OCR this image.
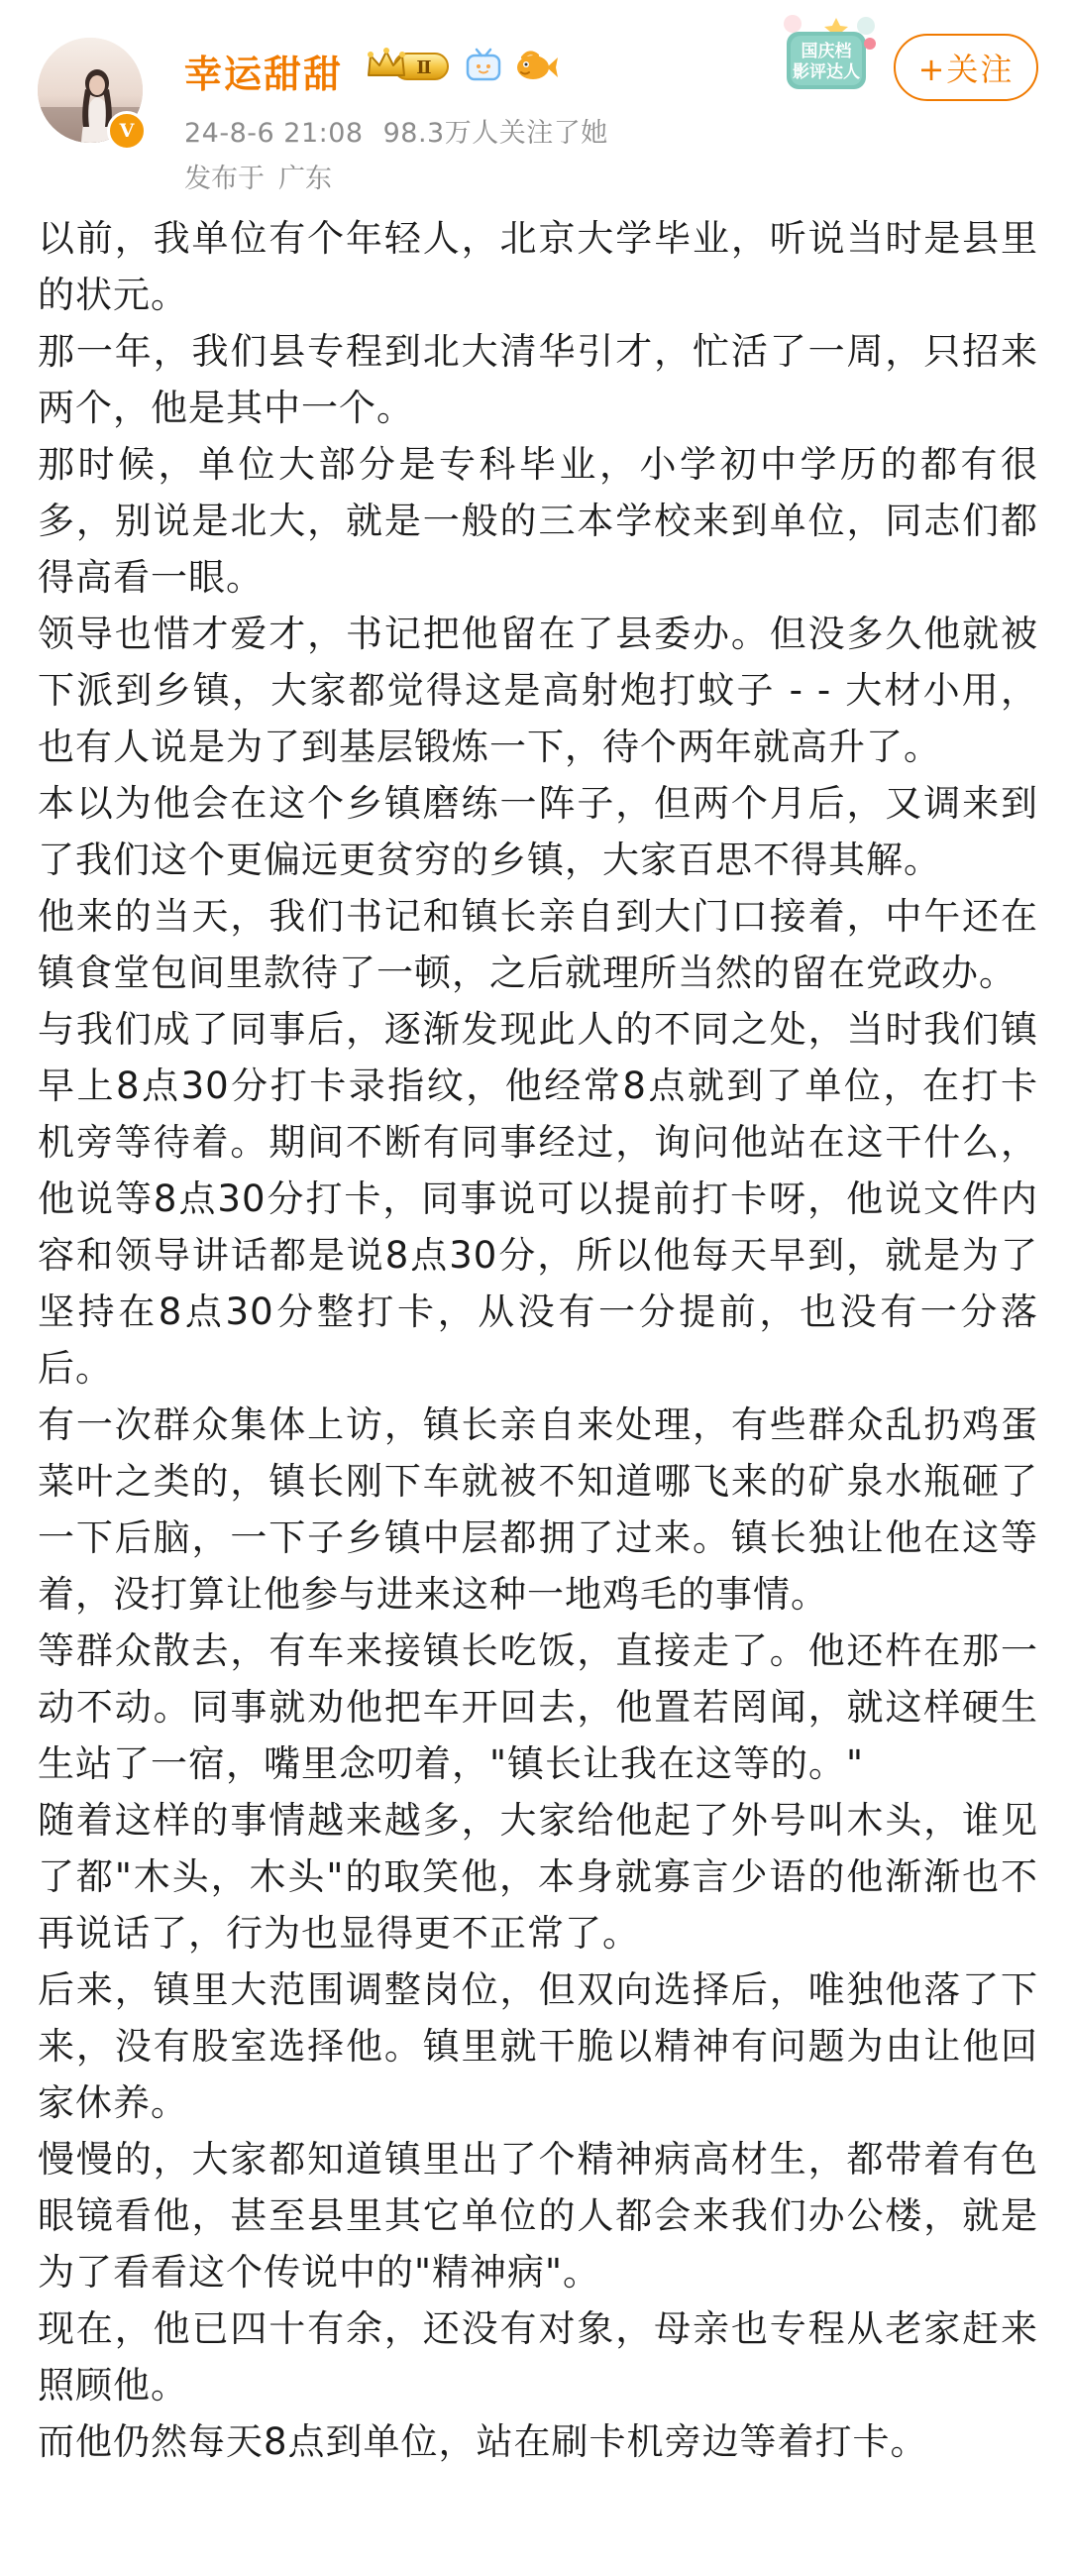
V
幸运甜甜	Ⅱ
24-8-6 21:08 98.3万人关注了她
发布于 广东
国庆档
影评达人	+关注

以前，我单位有个年轻人，北京大学毕业，听说当时是县里的状元。

那一年，我们县专程到北大清华引才，忙活了一周，只招来两个，他是其中一个。

那时候，单位大部分是专科毕业，小学初中学历的都有很多，别说是北大，就是一般的三本学校来到单位，同志们都得高看一眼。

领导也惜才爱才，书记把他留在了县委办。但没多久他就被下派到乡镇，大家都觉得这是高射炮打蚊子 - - 大材小用，也有人说是为了到基层锻炼一下，待个两年就高升了。

本以为他会在这个乡镇磨练一阵子，但两个月后，又调来到了我们这个更偏远更贫穷的乡镇，大家百思不得其解。

他来的当天，我们书记和镇长亲自到大门口接着，中午还在镇食堂包间里款待了一顿，之后就理所当然的留在党政办。

与我们成了同事后，逐渐发现此人的不同之处，当时我们镇早上8点30分打卡录指纹，他经常8点就到了单位，在打卡机旁等待着。期间不断有同事经过，询问他站在这干什么，他说等8点30分打卡，同事说可以提前打卡呀，他说文件内容和领导讲话都是说8点30分，所以他每天早到，就是为了坚持在8点30分整打卡，从没有一分提前，也没有一分落后。

有一次群众集体上访，镇长亲自来处理，有些群众乱扔鸡蛋菜叶之类的，镇长刚下车就被不知道哪飞来的矿泉水瓶砸了一下后脑，一下子乡镇中层都拥了过来。镇长独让他在这等着，没打算让他参与进来这种一地鸡毛的事情。

等群众散去，有车来接镇长吃饭，直接走了。他还杵在那一动不动。同事就劝他把车开回去，他置若罔闻，就这样硬生生站了一宿，嘴里念叨着，"镇长让我在这等的。"

随着这样的事情越来越多，大家给他起了外号叫木头，谁见了都"木头，木头"的取笑他，本身就寡言少语的他渐渐也不再说话了，行为也显得更不正常了。

后来，镇里大范围调整岗位，但双向选择后，唯独他落了下来，没有股室选择他。镇里就干脆以精神有问题为由让他回家休养。

慢慢的，大家都知道镇里出了个精神病高材生，都带着有色眼镜看他，甚至县里其它单位的人都会来我们办公楼，就是为了看看这个传说中的"精神病"。

现在，他已四十有余，还没有对象，母亲也专程从老家赶来照顾他。

而他仍然每天8点到单位，站在刷卡机旁边等着打卡。
